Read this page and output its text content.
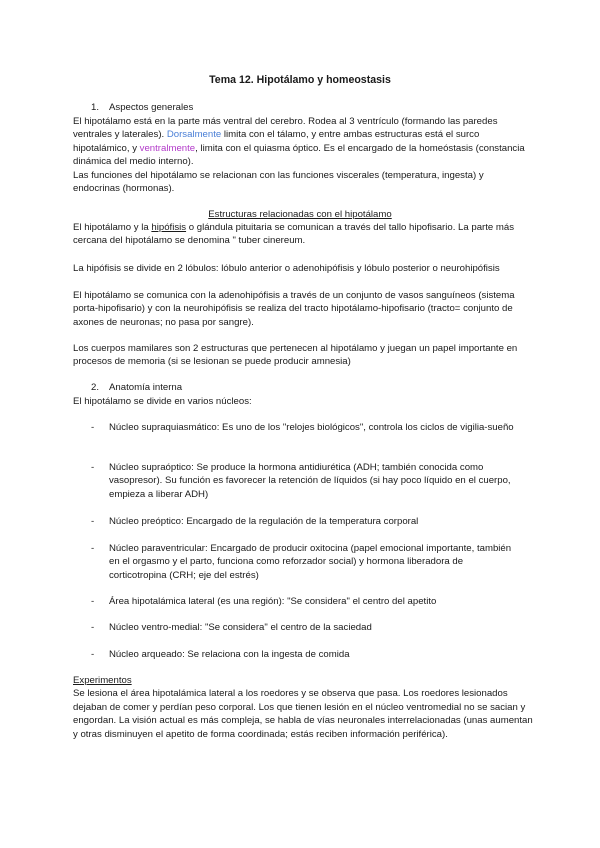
Tema 12. Hipotálamo y homeostasis
1. Aspectos generales

El hipotálamo está en la parte más ventral del cerebro. Rodea al 3 ventrículo (formando las paredes ventrales y laterales). Dorsalmente limita con el tálamo, y entre ambas estructuras está el surco hipotalámico, y ventralmente, limita con el quiasma óptico. Es el encargado de la homeóstasis (constancia dinámica del medio interno).

Las funciones del hipotálamo se relacionan con las funciones viscerales (temperatura, ingesta) y endocrinas (hormonas).

Estructuras relacionadas con el hipotálamo

El hipotálamo y la hipófisis o glándula pituitaria se comunican a través del tallo hipofisario. La parte más cercana del hipotálamo se denomina " tuber cinereum.

La hipófisis se divide en 2 lóbulos: lóbulo anterior o adenohipófisis y lóbulo posterior o neurohipófisis

El hipotálamo se comunica con la adenohipófisis a través de un conjunto de vasos sanguíneos (sistema porta-hipofisario) y con la neurohipófisis se realiza del tracto hipotálamo-hipofisario (tracto= conjunto de axones de neuronas; no pasa por sangre).

Los cuerpos mamilares son 2 estructuras que pertenecen al hipotálamo y juegan un papel importante en procesos de memoria (si se lesionan se puede producir amnesia)

2. Anatomía interna

El hipotálamo se divide en varios núcleos:

- Núcleo supraquiasmático: Es uno de los "relojes biológicos", controla los ciclos de vigilia-sueño
- Núcleo supraóptico: Se produce la hormona antidiurética (ADH; también conocida como vasopresor). Su función es favorecer la retención de líquidos (si hay poco líquido en el cuerpo, empieza a liberar ADH)
- Núcleo preóptico: Encargado de la regulación de la temperatura corporal
- Núcleo paraventricular: Encargado de producir oxitocina (papel emocional importante, también en el orgasmo y el parto, funciona como reforzador social) y hormona liberadora de corticotropina (CRH; eje del estrés)
- Área hipotalámica lateral (es una región): "Se considera" el centro del apetito
- Núcleo ventro-medial: "Se considera" el centro de la saciedad
- Núcleo arqueado: Se relaciona con la ingesta de comida

Experimentos

Se lesiona el área hipotalámica lateral a los roedores y se observa que pasa. Los roedores lesionados dejaban de comer y perdían peso corporal. Los que tienen lesión en el núcleo ventromedial no se sacian y engordan. La visión actual es más compleja, se habla de vías neuronales interrelacionadas (unas aumentan y otras disminuyen el apetito de forma coordinada; estás reciben información periférica).
